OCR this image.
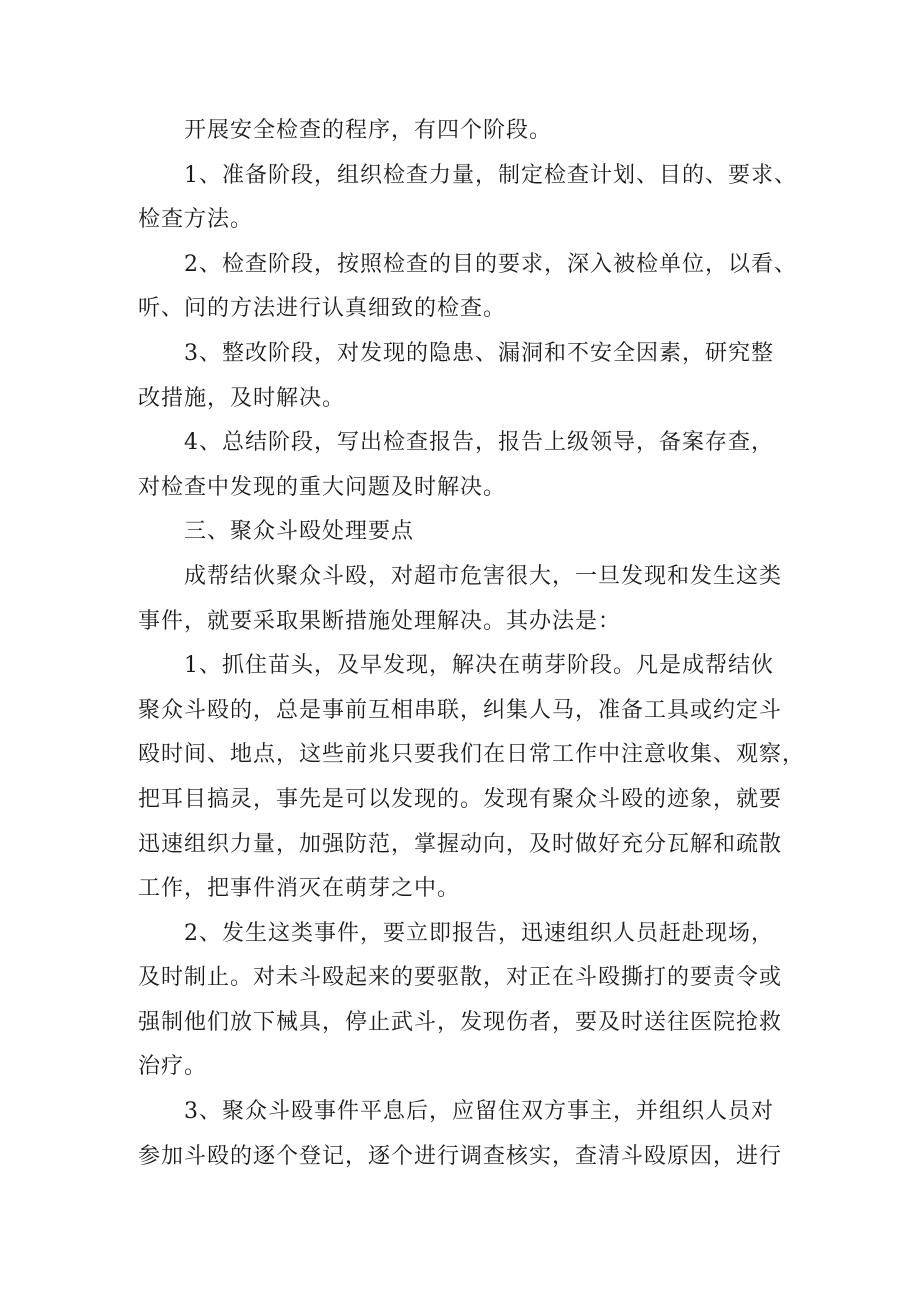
开展安全检查的程序，有四个阶段。
1、准备阶段，组织检查力量，制定检查计划、目的、要求、
检查方法。
2、检查阶段，按照检查的目的要求，深入被检单位，以看、
听、问的方法进行认真细致的检查。
3、整改阶段，对发现的隐患、漏洞和不安全因素，研究整
改措施，及时解决。
4、总结阶段，写出检查报告，报告上级领导，备案存查，
对检查中发现的重大问题及时解决。
三、聚众斗殴处理要点
成帮结伙聚众斗殴，对超市危害很大，一旦发现和发生这类
事件，就要采取果断措施处理解决。其办法是：
1、抓住苗头，及早发现，解决在萌芽阶段。凡是成帮结伙
聚众斗殴的，总是事前互相串联，纠集人马，准备工具或约定斗
殴时间、地点，这些前兆只要我们在日常工作中注意收集、观察，
把耳目搞灵，事先是可以发现的。发现有聚众斗殴的迹象，就要
迅速组织力量，加强防范，掌握动向，及时做好充分瓦解和疏散
工作，把事件消灭在萌芽之中。
2、发生这类事件，要立即报告，迅速组织人员赶赴现场，
及时制止。对未斗殴起来的要驱散，对正在斗殴撕打的要责令或
强制他们放下械具，停止武斗，发现伤者，要及时送往医院抢救
治疗。
3、聚众斗殴事件平息后，应留住双方事主，并组织人员对
参加斗殴的逐个登记，逐个进行调查核实，查清斗殴原因，进行
